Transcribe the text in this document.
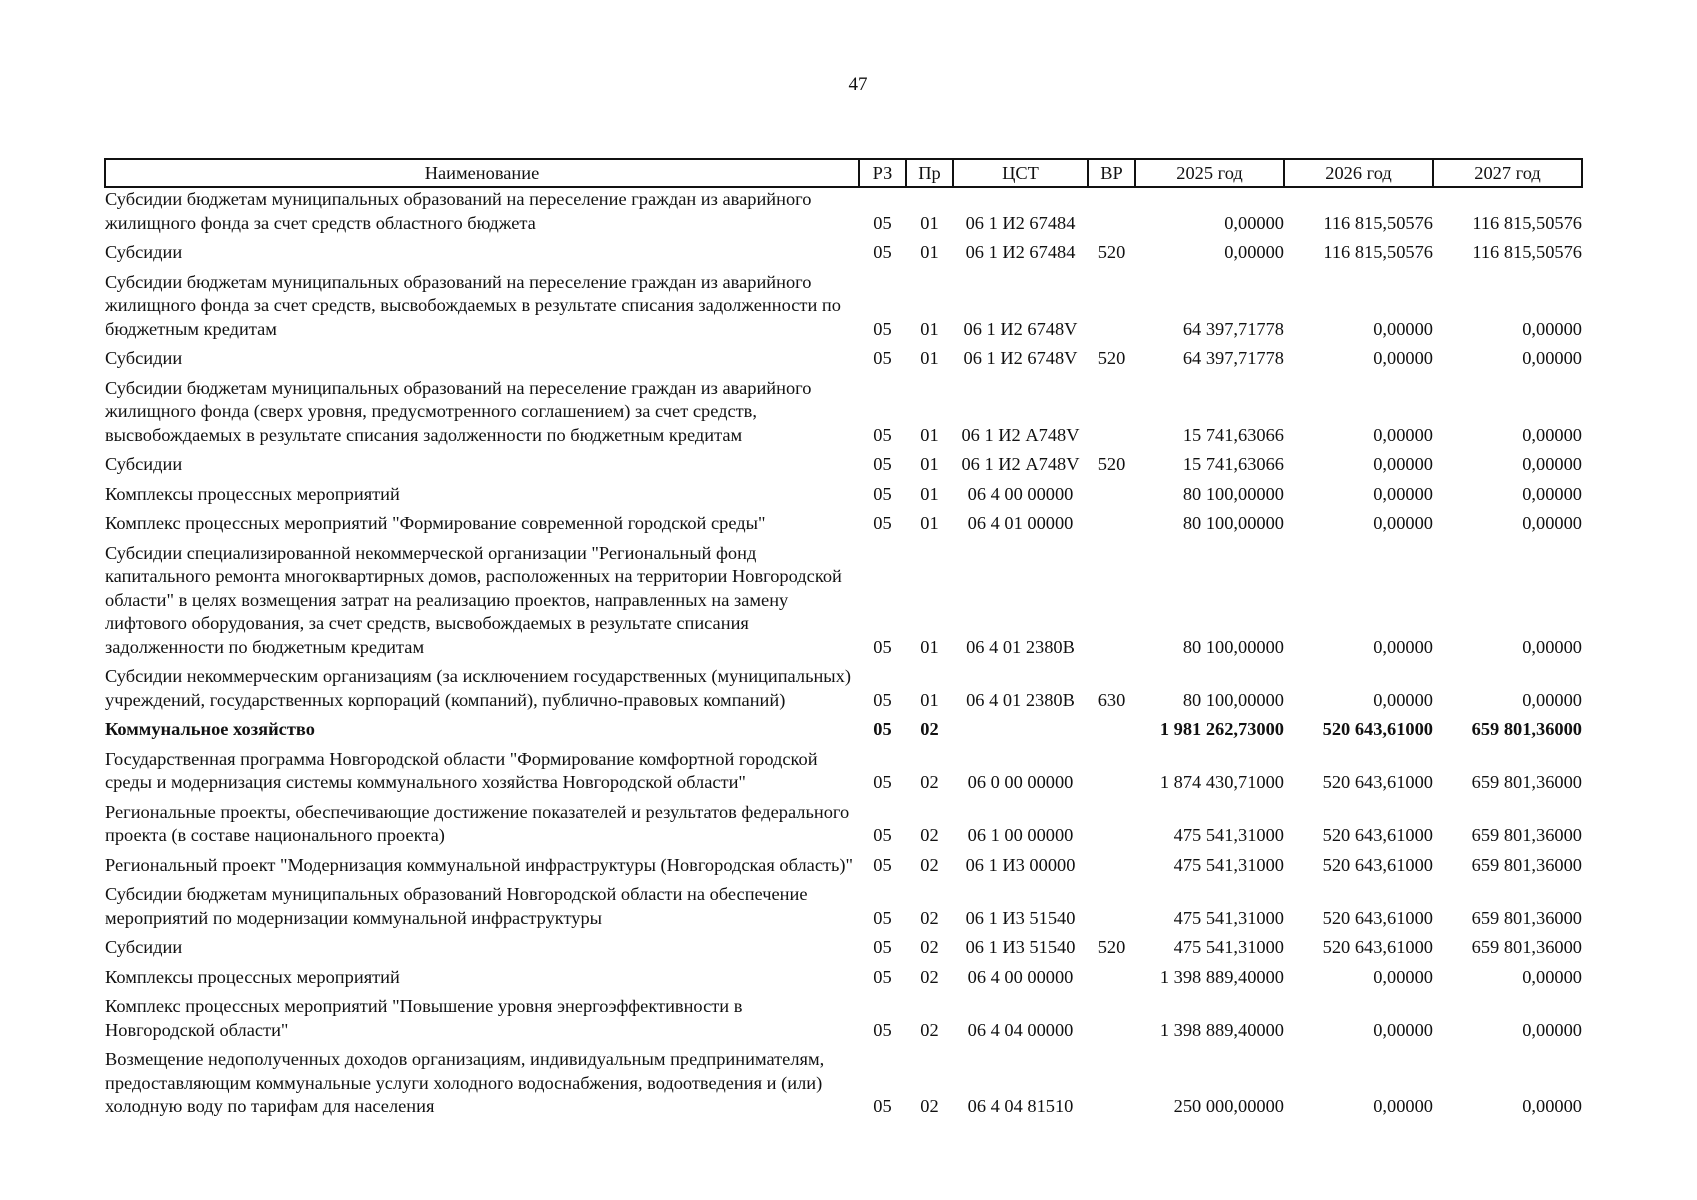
47
Наименование	РЗ	Пр	ЦСТ	ВР	2025 год	2026 год	2027 год
Субсидии бюджетам муниципальных образований на переселение граждан из аварийного жилищного фонда за счет средств областного бюджета	05	01	06 1 И2 67484		0,00000	116 815,50576	116 815,50576
Субсидии	05	01	06 1 И2 67484	520	0,00000	116 815,50576	116 815,50576
Субсидии бюджетам муниципальных образований на переселение граждан из аварийного жилищного фонда за счет средств, высвобождаемых в результате списания задолженности по бюджетным кредитам	05	01	06 1 И2 6748V		64 397,71778	0,00000	0,00000
Субсидии	05	01	06 1 И2 6748V	520	64 397,71778	0,00000	0,00000
Субсидии бюджетам муниципальных образований на переселение граждан из аварийного жилищного фонда (сверх уровня, предусмотренного соглашением) за счет средств, высвобождаемых в результате списания задолженности по бюджетным кредитам	05	01	06 1 И2 А748V		15 741,63066	0,00000	0,00000
Субсидии	05	01	06 1 И2 А748V	520	15 741,63066	0,00000	0,00000
Комплексы процессных мероприятий	05	01	06 4 00 00000		80 100,00000	0,00000	0,00000
Комплекс процессных мероприятий "Формирование современной городской среды"	05	01	06 4 01 00000		80 100,00000	0,00000	0,00000
Субсидии специализированной некоммерческой организации "Региональный фонд капитального ремонта многоквартирных домов, расположенных на территории Новгородской области" в целях возмещения затрат на реализацию проектов, направленных на замену лифтового оборудования, за счет средств, высвобождаемых в результате списания задолженности по бюджетным кредитам	05	01	06 4 01 2380B		80 100,00000	0,00000	0,00000
Субсидии некоммерческим организациям (за исключением государственных (муниципальных) учреждений, государственных корпораций (компаний), публично-правовых компаний)	05	01	06 4 01 2380B	630	80 100,00000	0,00000	0,00000
Коммунальное хозяйство	05	02			1 981 262,73000	520 643,61000	659 801,36000
Государственная программа Новгородской области "Формирование комфортной городской среды и модернизация системы коммунального хозяйства Новгородской области"	05	02	06 0 00 00000		1 874 430,71000	520 643,61000	659 801,36000
Региональные проекты, обеспечивающие достижение показателей и результатов федерального проекта (в составе национального проекта)	05	02	06 1 00 00000		475 541,31000	520 643,61000	659 801,36000
Региональный проект "Модернизация коммунальной инфраструктуры (Новгородская область)"	05	02	06 1 И3 00000		475 541,31000	520 643,61000	659 801,36000
Субсидии бюджетам муниципальных образований Новгородской области на обеспечение мероприятий по модернизации коммунальной инфраструктуры	05	02	06 1 И3 51540		475 541,31000	520 643,61000	659 801,36000
Субсидии	05	02	06 1 И3 51540	520	475 541,31000	520 643,61000	659 801,36000
Комплексы процессных мероприятий	05	02	06 4 00 00000		1 398 889,40000	0,00000	0,00000
Комплекс процессных мероприятий "Повышение уровня энергоэффективности в Новгородской области"	05	02	06 4 04 00000		1 398 889,40000	0,00000	0,00000
Возмещение недополученных доходов организациям, индивидуальным предпринимателям, предоставляющим коммунальные услуги холодного водоснабжения, водоотведения и (или) холодную воду по тарифам для населения	05	02	06 4 04 81510		250 000,00000	0,00000	0,00000
